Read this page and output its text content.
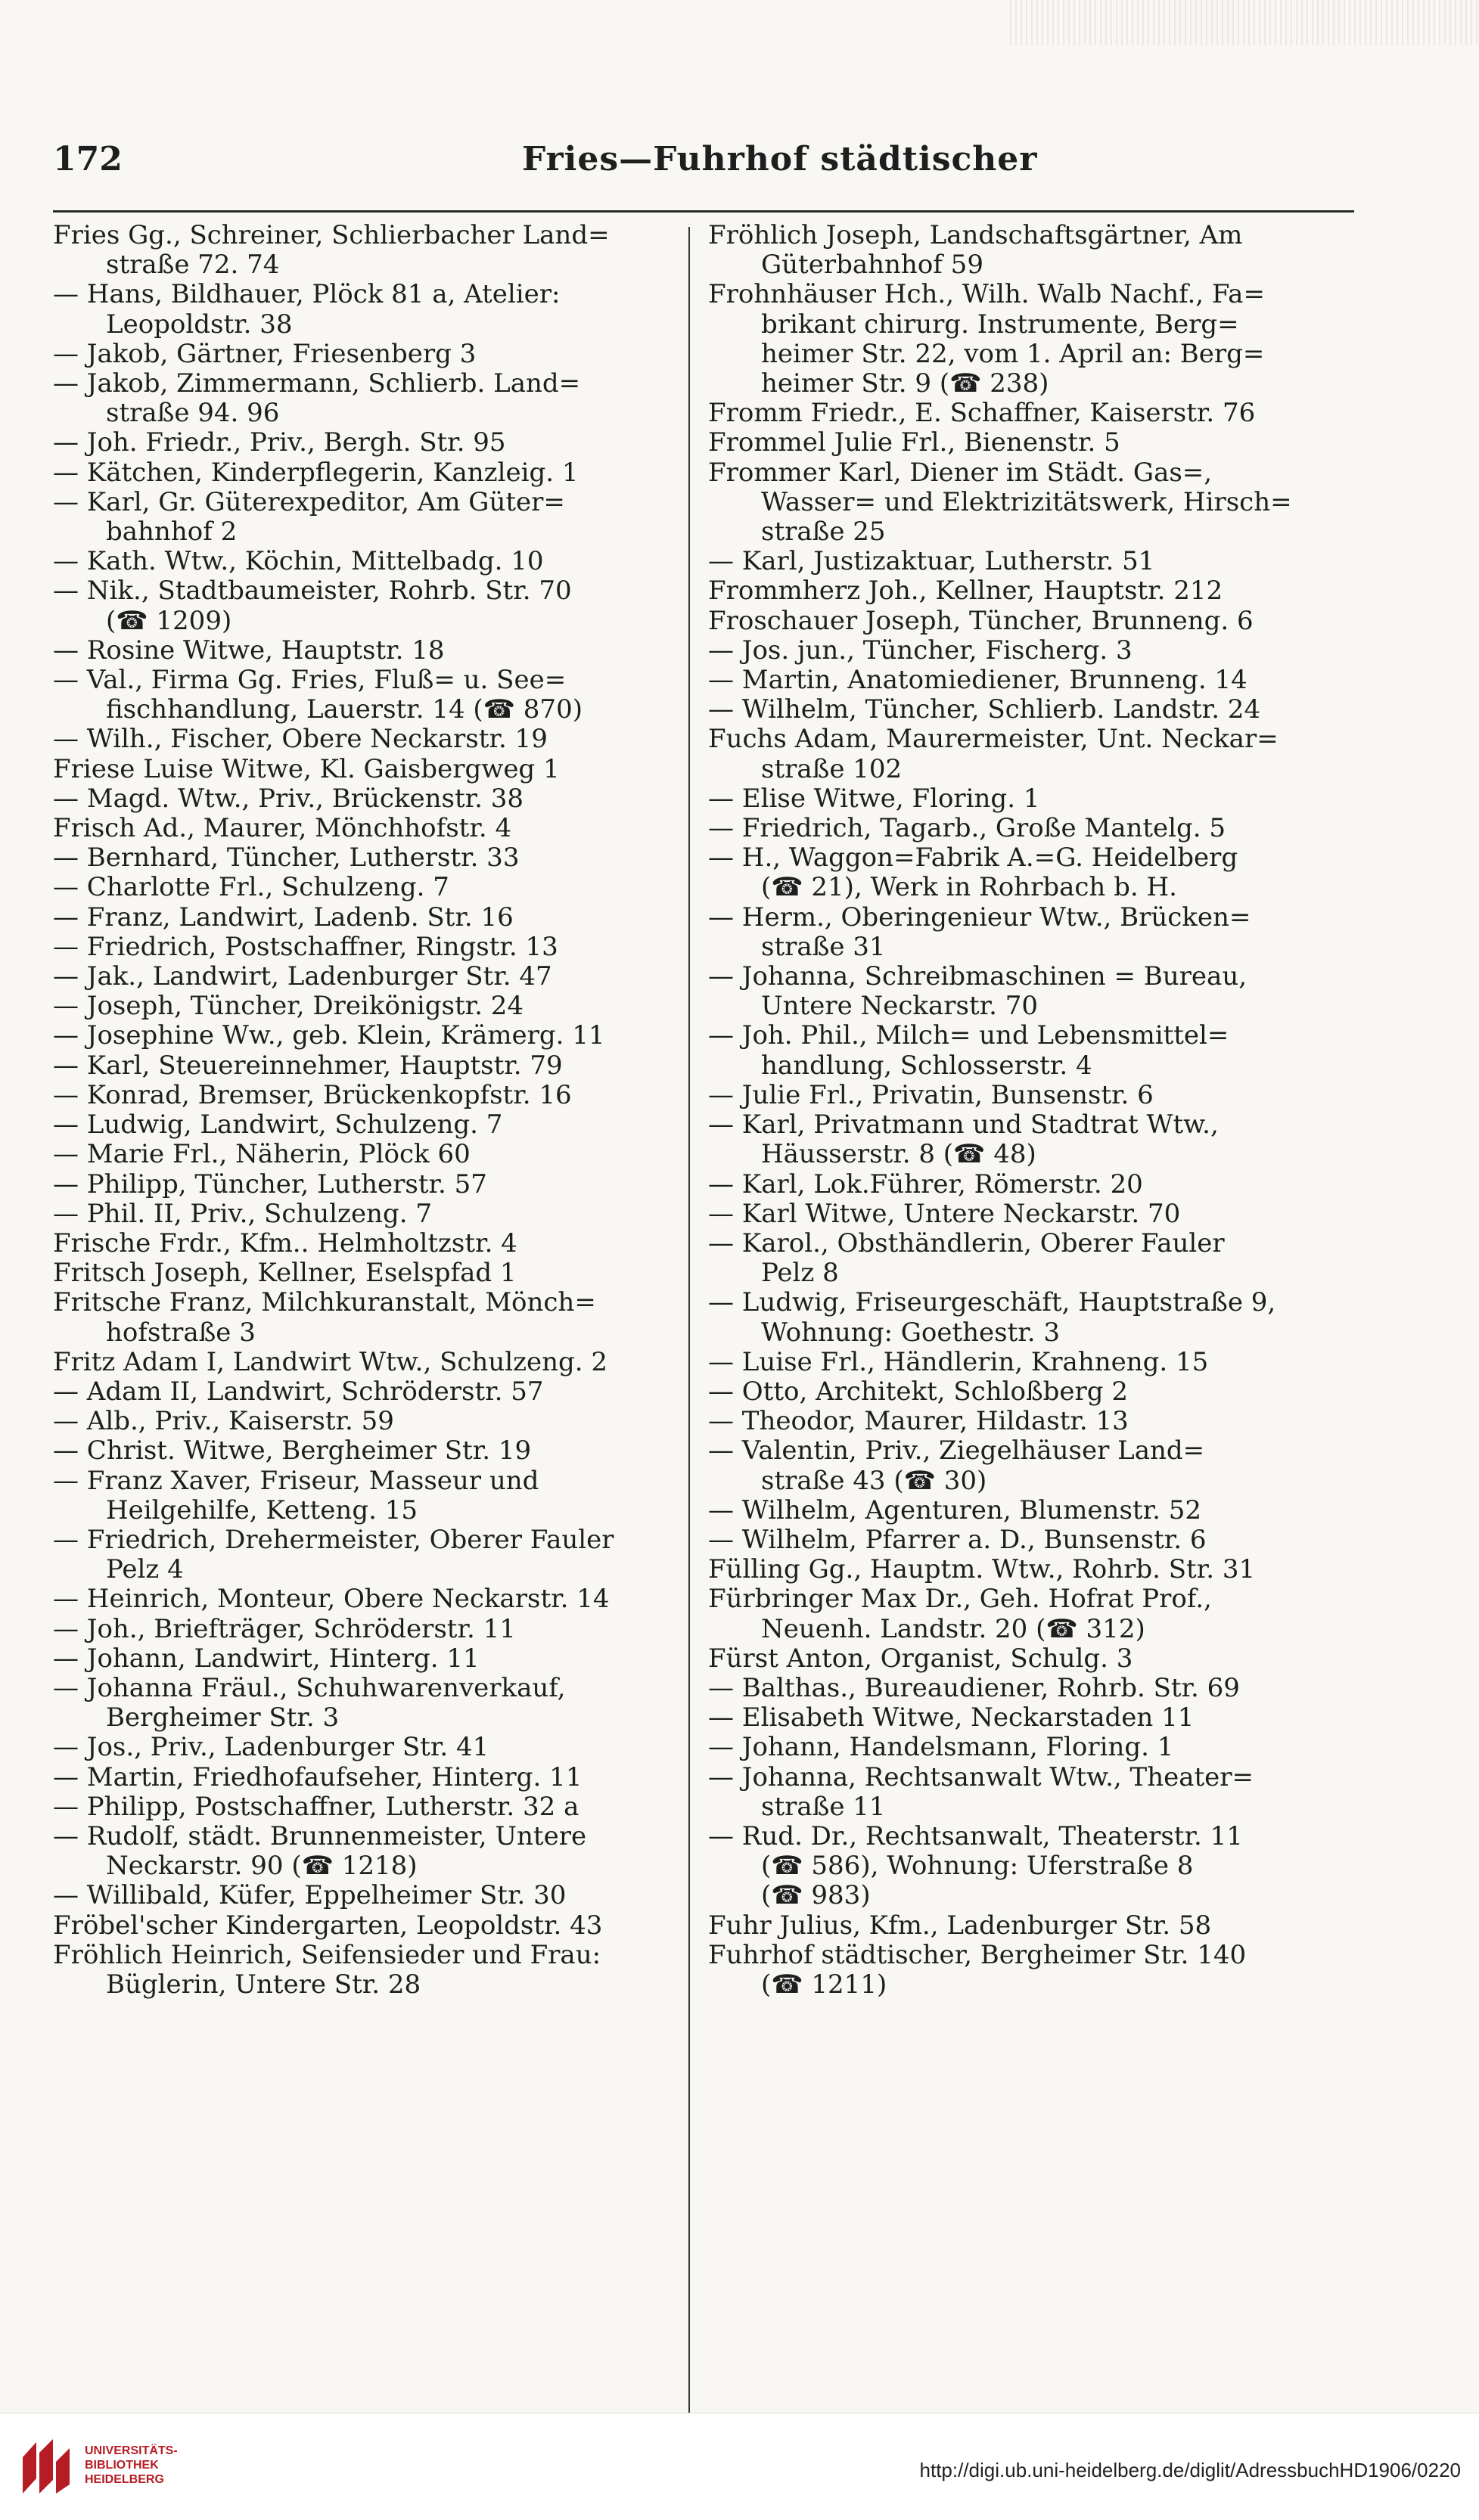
172	Fries—Fuhrhof städtischer
Fries Gg., Schreiner, Schlierbacher Land=
straße 72. 74
— Hans, Bildhauer, Plöck 81 a, Atelier:
Leopoldstr. 38
— Jakob, Gärtner, Friesenberg 3
— Jakob, Zimmermann, Schlierb. Land=
straße 94. 96
— Joh. Friedr., Priv., Bergh. Str. 95
— Kätchen, Kinderpflegerin, Kanzleig. 1
— Karl, Gr. Güterexpeditor, Am Güter=
bahnhof 2
— Kath. Wtw., Köchin, Mittelbadg. 10
— Nik., Stadtbaumeister, Rohrb. Str. 70
(☎ 1209)
— Rosine Witwe, Hauptstr. 18
— Val., Firma Gg. Fries, Fluß= u. See=
fischhandlung, Lauerstr. 14 (☎ 870)
— Wilh., Fischer, Obere Neckarstr. 19
Friese Luise Witwe, Kl. Gaisbergweg 1
— Magd. Wtw., Priv., Brückenstr. 38
Frisch Ad., Maurer, Mönchhofstr. 4
— Bernhard, Tüncher, Lutherstr. 33
— Charlotte Frl., Schulzeng. 7
— Franz, Landwirt, Ladenb. Str. 16
— Friedrich, Postschaffner, Ringstr. 13
— Jak., Landwirt, Ladenburger Str. 47
— Joseph, Tüncher, Dreikönigstr. 24
— Josephine Ww., geb. Klein, Krämerg. 11
— Karl, Steuereinnehmer, Hauptstr. 79
— Konrad, Bremser, Brückenkopfstr. 16
— Ludwig, Landwirt, Schulzeng. 7
— Marie Frl., Näherin, Plöck 60
— Philipp, Tüncher, Lutherstr. 57
— Phil. II, Priv., Schulzeng. 7
Frische Frdr., Kfm.. Helmholtzstr. 4
Fritsch Joseph, Kellner, Eselspfad 1
Fritsche Franz, Milchkuranstalt, Mönch=
hofstraße 3
Fritz Adam I, Landwirt Wtw., Schulzeng. 2
— Adam II, Landwirt, Schröderstr. 57
— Alb., Priv., Kaiserstr. 59
— Christ. Witwe, Bergheimer Str. 19
— Franz Xaver, Friseur, Masseur und
Heilgehilfe, Ketteng. 15
— Friedrich, Drehermeister, Oberer Fauler
Pelz 4
— Heinrich, Monteur, Obere Neckarstr. 14
— Joh., Briefträger, Schröderstr. 11
— Johann, Landwirt, Hinterg. 11
— Johanna Fräul., Schuhwarenverkauf,
Bergheimer Str. 3
— Jos., Priv., Ladenburger Str. 41
— Martin, Friedhofaufseher, Hinterg. 11
— Philipp, Postschaffner, Lutherstr. 32 a
— Rudolf, städt. Brunnenmeister, Untere
Neckarstr. 90 (☎ 1218)
— Willibald, Küfer, Eppelheimer Str. 30
Fröbel'scher Kindergarten, Leopoldstr. 43
Fröhlich Heinrich, Seifensieder und Frau:
Büglerin, Untere Str. 28
Fröhlich Joseph, Landschaftsgärtner, Am
Güterbahnhof 59
Frohnhäuser Hch., Wilh. Walb Nachf., Fa=
brikant chirurg. Instrumente, Berg=
heimer Str. 22, vom 1. April an: Berg=
heimer Str. 9 (☎ 238)
Fromm Friedr., E. Schaffner, Kaiserstr. 76
Frommel Julie Frl., Bienenstr. 5
Frommer Karl, Diener im Städt. Gas=,
Wasser= und Elektrizitätswerk, Hirsch=
straße 25
— Karl, Justizaktuar, Lutherstr. 51
Frommherz Joh., Kellner, Hauptstr. 212
Froschauer Joseph, Tüncher, Brunneng. 6
— Jos. jun., Tüncher, Fischerg. 3
— Martin, Anatomiediener, Brunneng. 14
— Wilhelm, Tüncher, Schlierb. Landstr. 24
Fuchs Adam, Maurermeister, Unt. Neckar=
straße 102
— Elise Witwe, Floring. 1
— Friedrich, Tagarb., Große Mantelg. 5
— H., Waggon=Fabrik A.=G. Heidelberg
(☎ 21), Werk in Rohrbach b. H.
— Herm., Oberingenieur Wtw., Brücken=
straße 31
— Johanna, Schreibmaschinen = Bureau,
Untere Neckarstr. 70
— Joh. Phil., Milch= und Lebensmittel=
handlung, Schlosserstr. 4
— Julie Frl., Privatin, Bunsenstr. 6
— Karl, Privatmann und Stadtrat Wtw.,
Häusserstr. 8 (☎ 48)
— Karl, Lok.Führer, Römerstr. 20
— Karl Witwe, Untere Neckarstr. 70
— Karol., Obsthändlerin, Oberer Fauler
Pelz 8
— Ludwig, Friseurgeschäft, Hauptstraße 9,
Wohnung: Goethestr. 3
— Luise Frl., Händlerin, Krahneng. 15
— Otto, Architekt, Schloßberg 2
— Theodor, Maurer, Hildastr. 13
— Valentin, Priv., Ziegelhäuser Land=
straße 43 (☎ 30)
— Wilhelm, Agenturen, Blumenstr. 52
— Wilhelm, Pfarrer a. D., Bunsenstr. 6
Fülling Gg., Hauptm. Wtw., Rohrb. Str. 31
Fürbringer Max Dr., Geh. Hofrat Prof.,
Neuenh. Landstr. 20 (☎ 312)
Fürst Anton, Organist, Schulg. 3
— Balthas., Bureaudiener, Rohrb. Str. 69
— Elisabeth Witwe, Neckarstaden 11
— Johann, Handelsmann, Floring. 1
— Johanna, Rechtsanwalt Wtw., Theater=
straße 11
— Rud. Dr., Rechtsanwalt, Theaterstr. 11
(☎ 586), Wohnung: Uferstraße 8
(☎ 983)
Fuhr Julius, Kfm., Ladenburger Str. 58
Fuhrhof städtischer, Bergheimer Str. 140
(☎ 1211)
UNIVERSITÄTS-
BIBLIOTHEK
HEIDELBERG	http://digi.ub.uni-heidelberg.de/diglit/AdressbuchHD1906/0220
